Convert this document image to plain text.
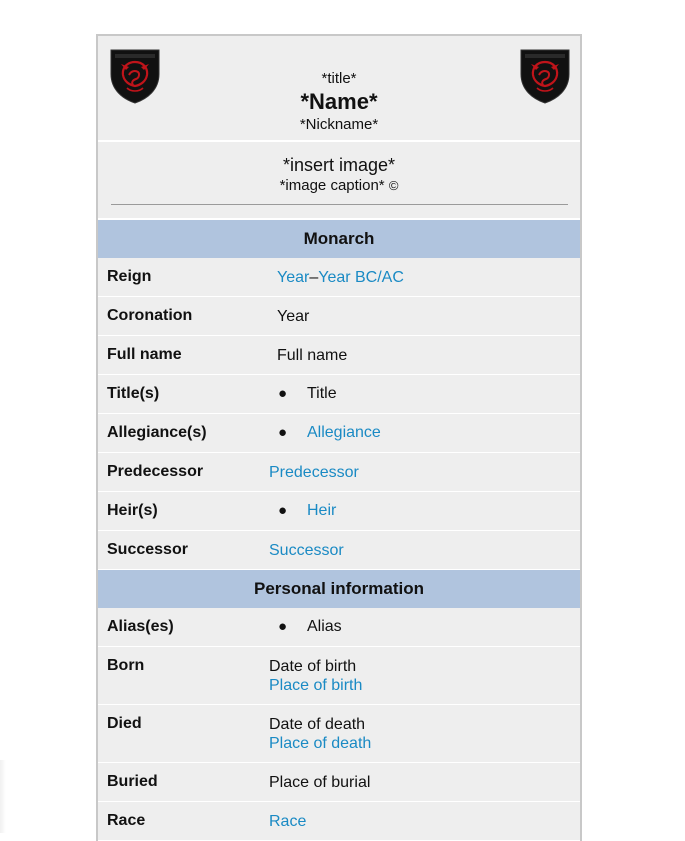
*title*
*Name*
*Nickname*
*insert image*
*image caption* ©
Monarch
Reign	Year–Year BC/AC
Coronation	Year
Full name	Full name
Title(s)	● Title
Allegiance(s)	● Allegiance
Predecessor	Predecessor
Heir(s)	● Heir
Successor	Successor
Personal information
Alias(es)	● Alias
Born	Date of birth
Place of birth
Died	Date of death
Place of death
Buried	Place of burial
Race	Race
